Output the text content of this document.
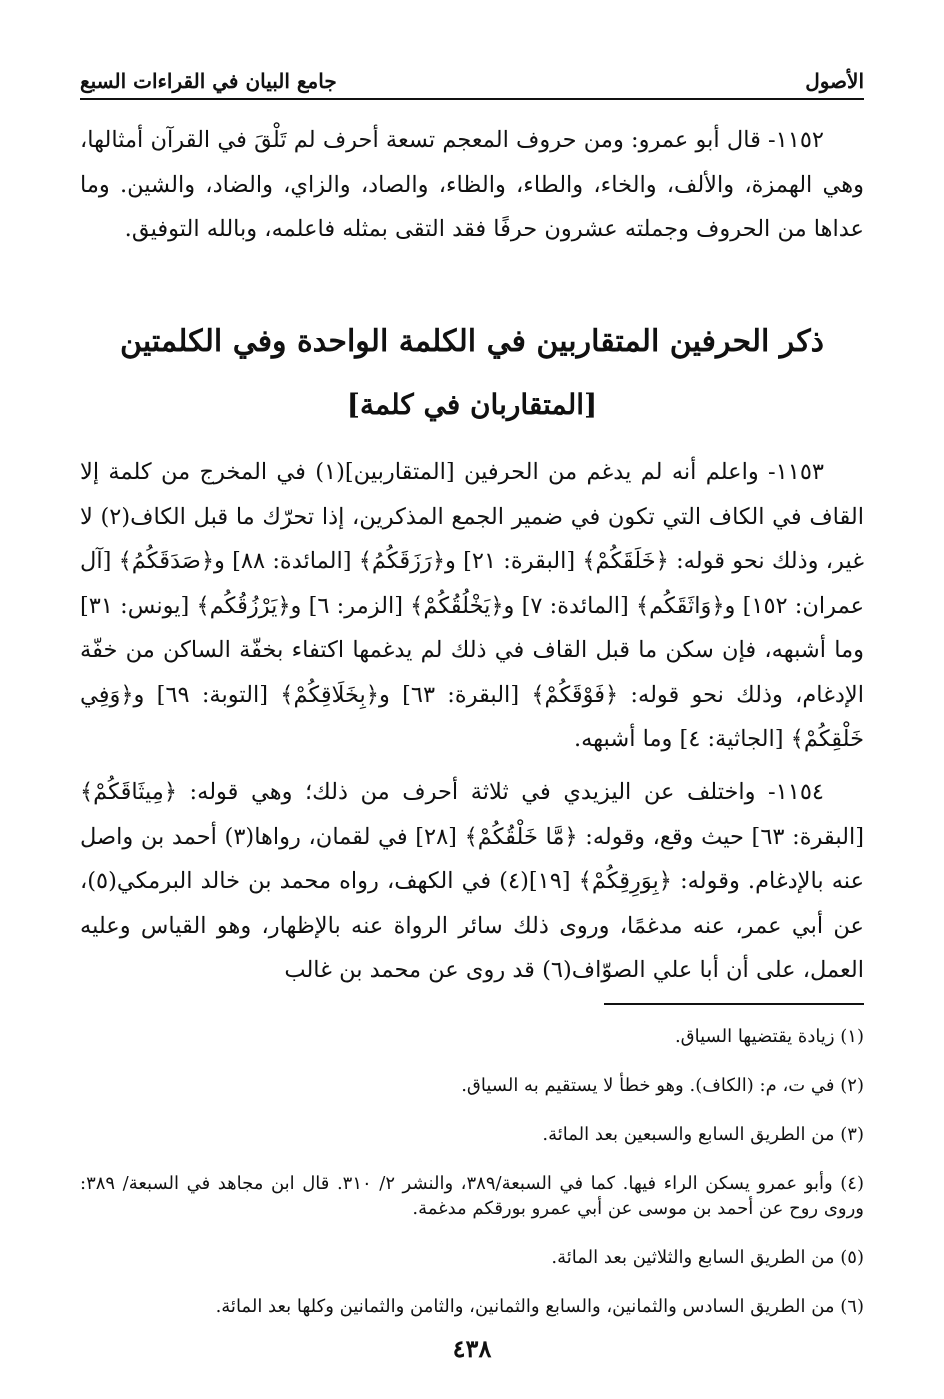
الأصول
جامع البيان في القراءات السبع

١١٥٢- قال أبو عمرو: ومن حروف المعجم تسعة أحرف لم تَلْقَ في القرآن أمثالها، وهي الهمزة، والألف، والخاء، والطاء، والظاء، والصاد، والزاي، والضاد، والشين. وما عداها من الحروف وجملته عشرون حرفًا فقد التقى بمثله فاعلمه، وبالله التوفيق.

ذكر الحرفين المتقاربين في الكلمة الواحدة وفي الكلمتين
[المتقاربان في كلمة]

١١٥٣- واعلم أنه لم يدغم من الحرفين [المتقاربين](١) في المخرج من كلمة إلا القاف في الكاف التي تكون في ضمير الجمع المذكرين، إذا تحرّك ما قبل الكاف(٢) لا غير، وذلك نحو قوله: ﴿خَلَقَكُمْ﴾ [البقرة: ٢١] و﴿رَزَقَكُمُ﴾ [المائدة: ٨٨] و﴿صَدَقَكُمُ﴾ [آل عمران: ١٥٢] و﴿وَاثَقَكُم﴾ [المائدة: ٧] و﴿يَخْلُقُكُمْ﴾ [الزمر: ٦] و﴿يَرْزُقُكُم﴾ [يونس: ٣١] وما أشبهه، فإن سكن ما قبل القاف في ذلك لم يدغمها اكتفاء بخفّة الساكن من خفّة الإدغام، وذلك نحو قوله: ﴿فَوْقَكُمْ﴾ [البقرة: ٦٣] و﴿بِخَلَاقِكُمْ﴾ [التوبة: ٦٩] و﴿وَفِي خَلْقِكُمْ﴾ [الجاثية: ٤] وما أشبهه.

١١٥٤- واختلف عن اليزيدي في ثلاثة أحرف من ذلك؛ وهي قوله: ﴿مِيثَاقَكُمْ﴾ [البقرة: ٦٣] حيث وقع، وقوله: ﴿مَّا خَلْقُكُمْ﴾ [٢٨] في لقمان، رواها(٣) أحمد بن واصل عنه بالإدغام. وقوله: ﴿بِوَرِقِكُمْ﴾ [١٩](٤) في الكهف، رواه محمد بن خالد البرمكي(٥)، عن أبي عمر، عنه مدغمًا، وروى ذلك سائر الرواة عنه بالإظهار، وهو القياس وعليه العمل، على أن أبا علي الصوّاف(٦) قد روى عن محمد بن غالب

(١) زيادة يقتضيها السياق.

(٢) في ت، م: (الكاف). وهو خطأ لا يستقيم به السياق.

(٣) من الطريق السابع والسبعين بعد المائة.

(٤) وأبو عمرو يسكن الراء فيها. كما في السبعة/٣٨٩، والنشر ٢/ ٣١٠. قال ابن مجاهد في السبعة/ ٣٨٩: وروى روح عن أحمد بن موسى عن أبي عمرو بورقكم مدغمة.

(٥) من الطريق السابع والثلاثين بعد المائة.

(٦) من الطريق السادس والثمانين، والسابع والثمانين، والثامن والثمانين وكلها بعد المائة.

٤٣٨
